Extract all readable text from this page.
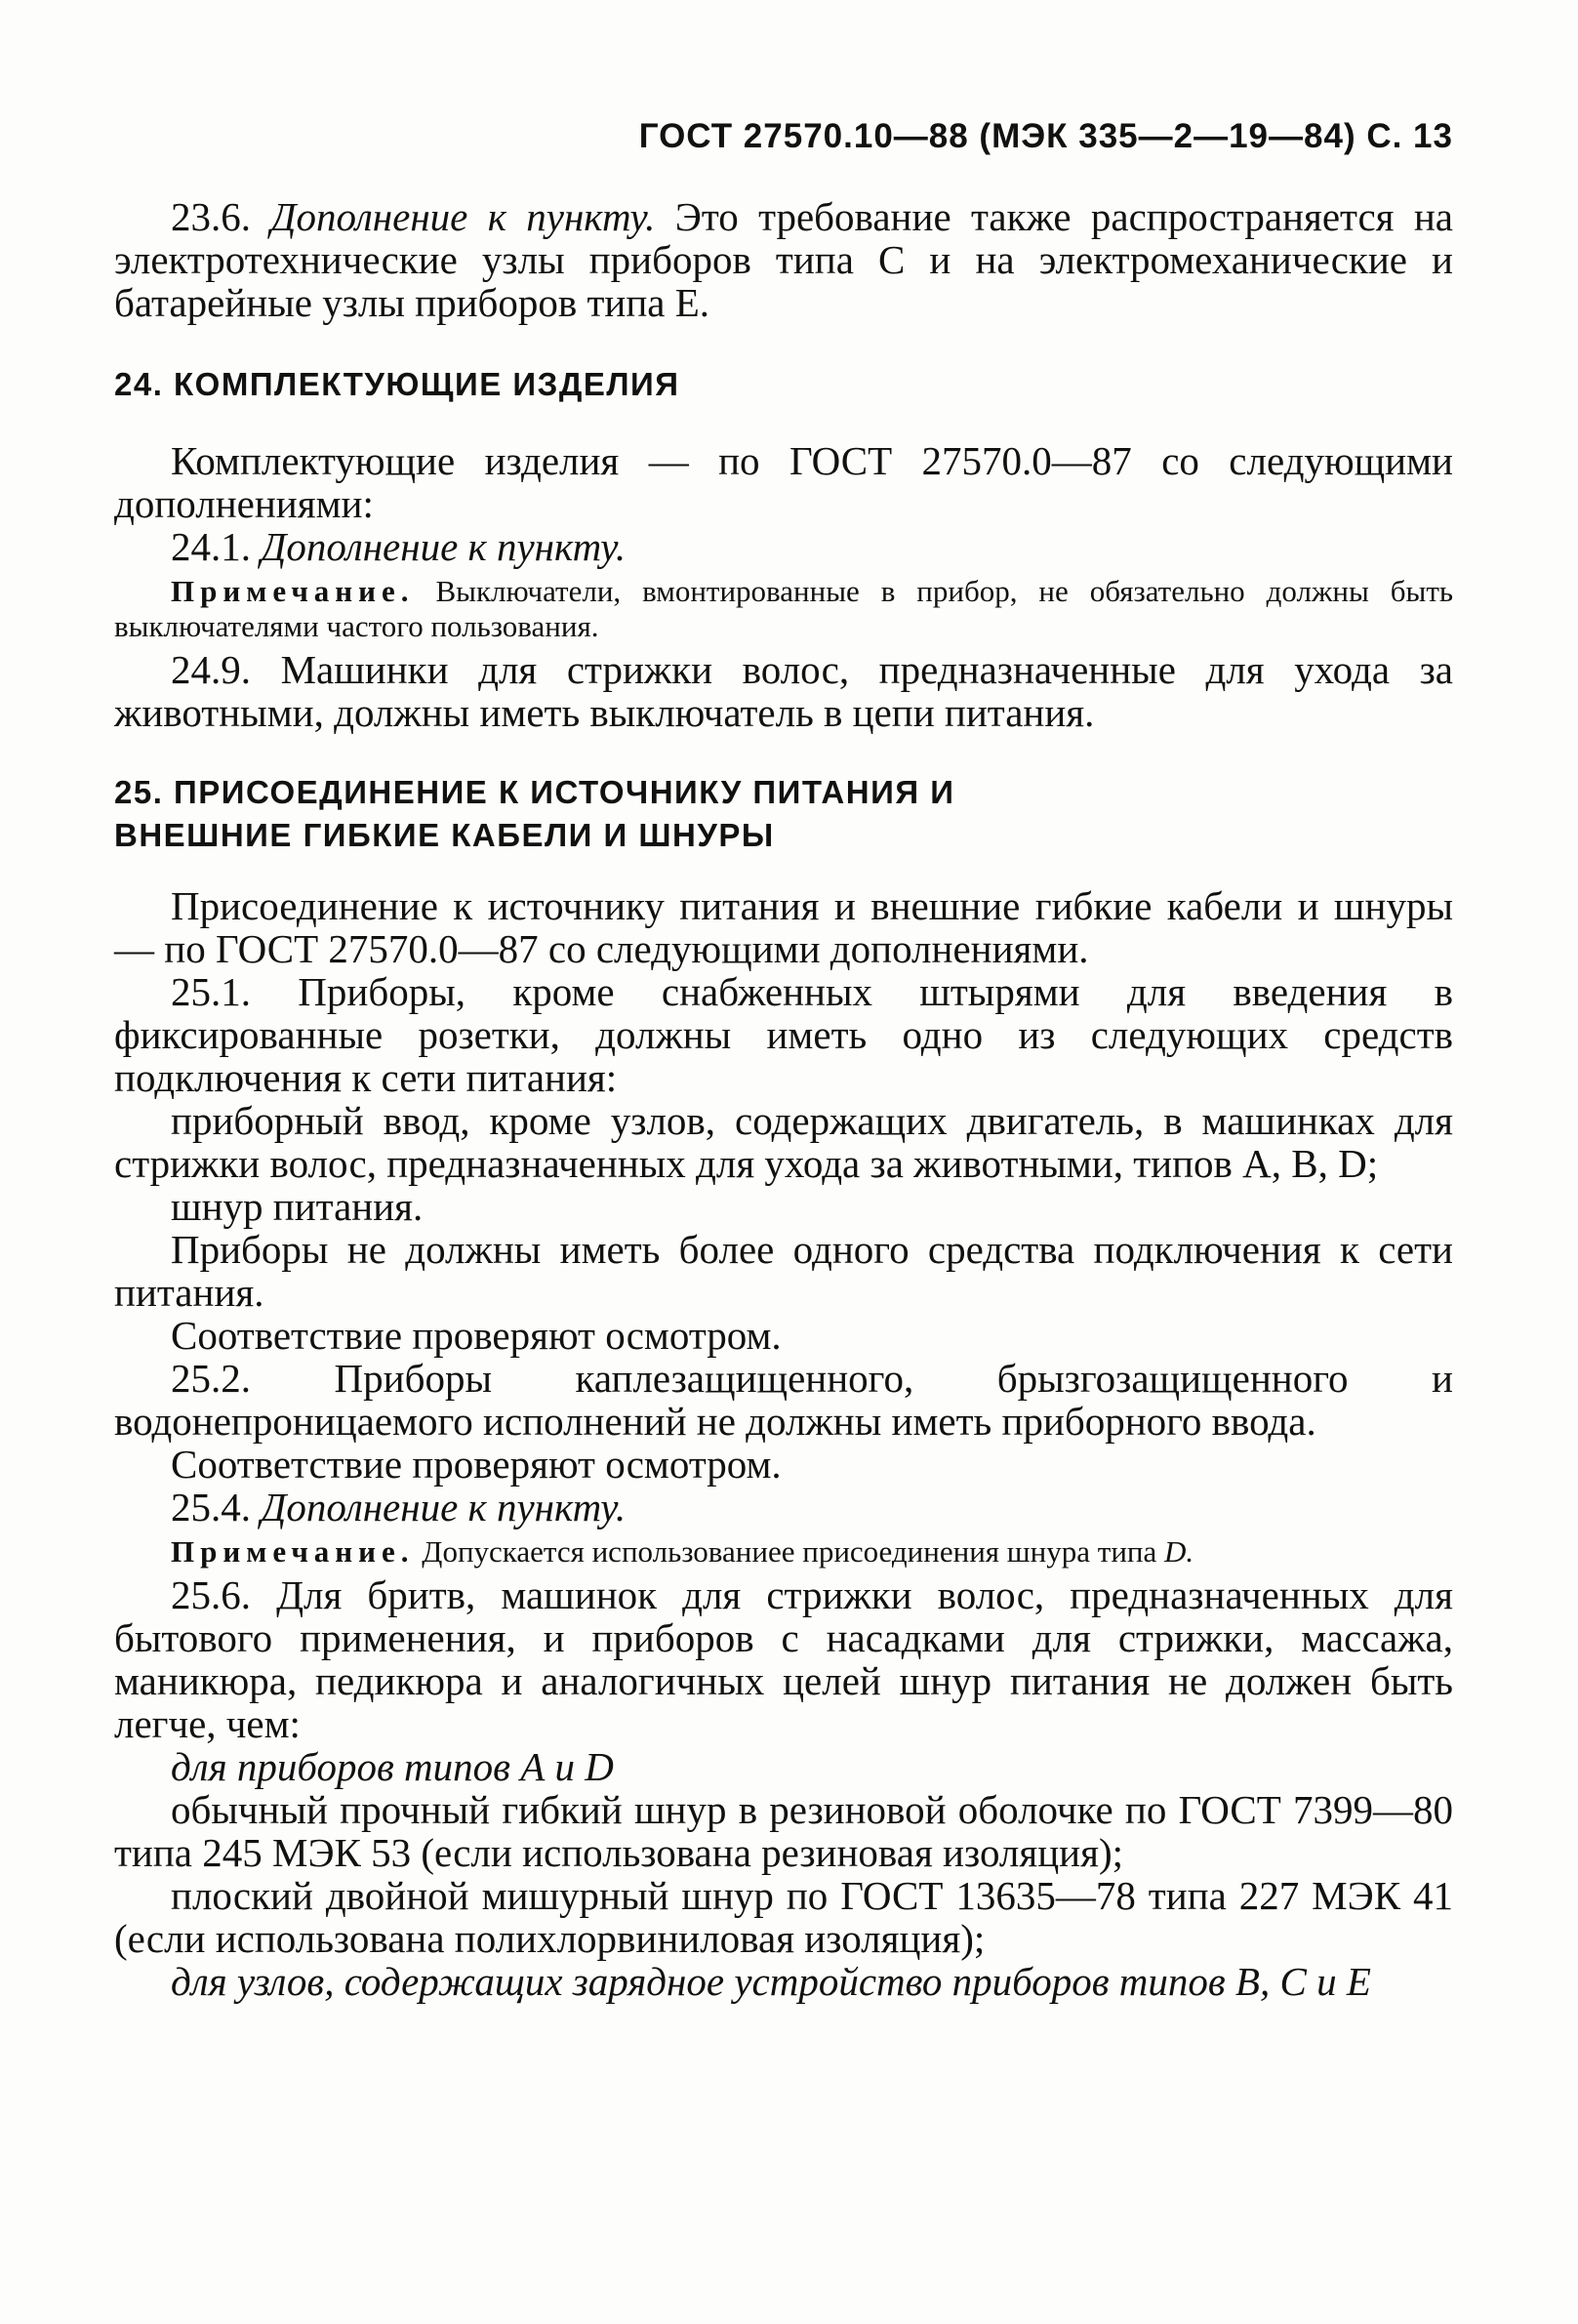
ГОСТ 27570.10—88 (МЭК 335—2—19—84) С. 13

23.6. Дополнение к пункту. Это требование также распространяется на электротехнические узлы приборов типа С и на электромеханические и батарейные узлы приборов типа Е.

24. КОМПЛЕКТУЮЩИЕ ИЗДЕЛИЯ

Комплектующие изделия — по ГОСТ 27570.0—87 со следующими дополнениями:

24.1. Дополнение к пункту.

Примечание. Выключатели, вмонтированные в прибор, не обязательно должны быть выключателями частого пользования.

24.9. Машинки для стрижки волос, предназначенные для ухода за животными, должны иметь выключатель в цепи питания.

25. ПРИСОЕДИНЕНИЕ К ИСТОЧНИКУ ПИТАНИЯ И
ВНЕШНИЕ ГИБКИЕ КАБЕЛИ И ШНУРЫ

Присоединение к источнику питания и внешние гибкие кабели и шнуры — по ГОСТ 27570.0—87 со следующими дополнениями.

25.1. Приборы, кроме снабженных штырями для введения в фиксированные розетки, должны иметь одно из следующих средств подключения к сети питания:

приборный ввод, кроме узлов, содержащих двигатель, в машинках для стрижки волос, предназначенных для ухода за животными, типов А, В, D;

шнур питания.

Приборы не должны иметь более одного средства подключения к сети питания.

Соответствие проверяют осмотром.

25.2. Приборы каплезащищенного, брызгозащищенного и водонепроницаемого исполнений не должны иметь приборного ввода.

Соответствие проверяют осмотром.

25.4. Дополнение к пункту.

Примечание. Допускается использованиее присоединения шнура типа D.

25.6. Для бритв, машинок для стрижки волос, предназначенных для бытового применения, и приборов с насадками для стрижки, массажа, маникюра, педикюра и аналогичных целей шнур питания не должен быть легче, чем:

для приборов типов А и D

обычный прочный гибкий шнур в резиновой оболочке по ГОСТ 7399—80 типа 245 МЭК 53 (если использована резиновая изоляция);

плоский двойной мишурный шнур по ГОСТ 13635—78 типа 227 МЭК 41 (если использована полихлорвиниловая изоляция);

для узлов, содержащих зарядное устройство приборов типов В, С и Е
